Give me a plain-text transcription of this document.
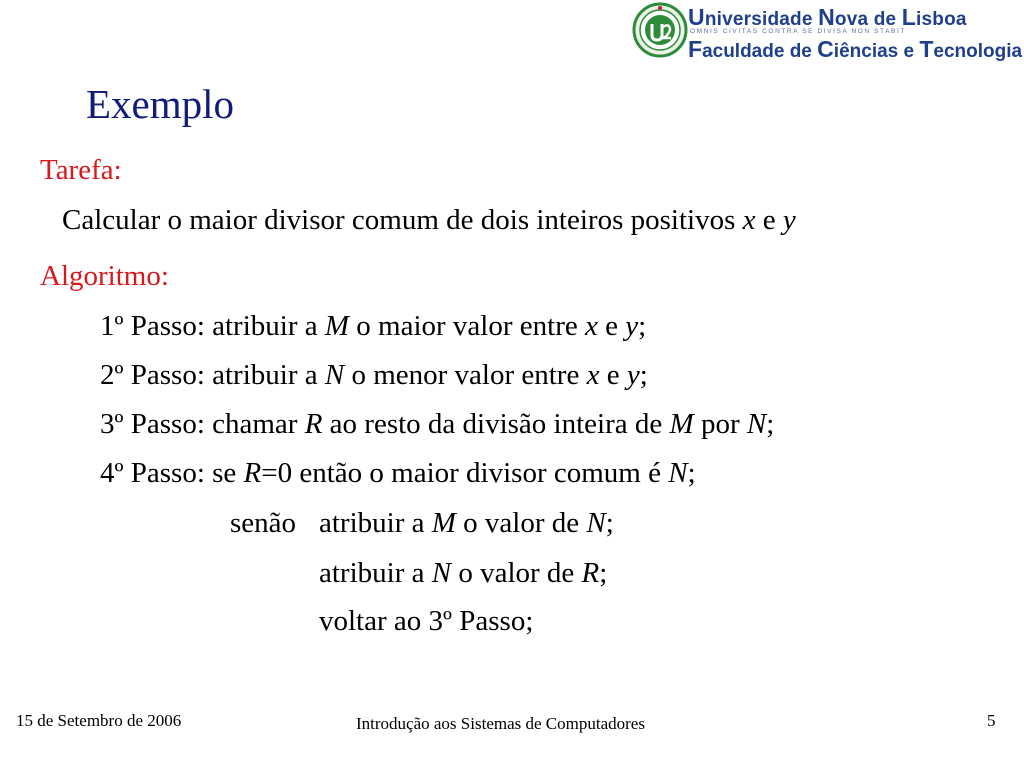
Universidade Nova de Lisboa
OMNIS CIVITAS CONTRA SE DIVISA NON STABIT
Faculdade de Ciências e Tecnologia
Exemplo
Tarefa:
Calcular o maior divisor comum de dois inteiros positivos x e y
Algoritmo:
1º Passo: atribuir a M o maior valor entre x e y;
2º Passo: atribuir a N o menor valor entre x e y;
3º Passo: chamar R ao resto da divisão inteira de M por N;
4º Passo: se R=0 então o maior divisor comum é N;
senão atribuir a M o valor de N;
atribuir a N o valor de R;
voltar ao 3º Passo;
15 de Setembro de 2006	Introdução aos Sistemas de Computadores	5
